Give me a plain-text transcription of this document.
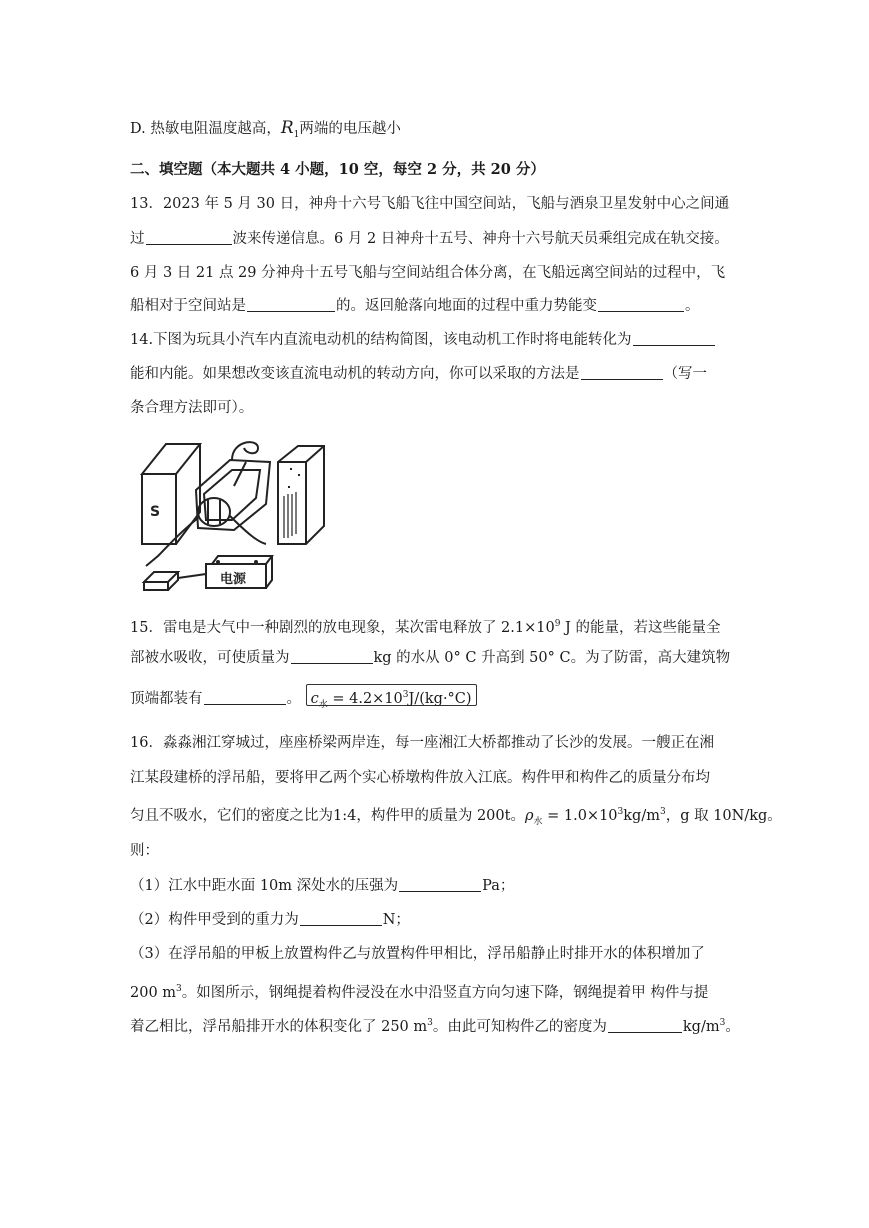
D. 热敏电阻温度越高，$R_1$两端的电压越小
二、填空题（本大题共 4 小题，10 空，每空 2 分，共 20 分）
13．2023 年 5 月 30 日，神舟十六号飞船飞往中国空间站，飞船与酒泉卫星发射中心之间通
过	波来传递信息。6 月 2 日神舟十五号、神舟十六号航天员乘组完成在轨交接。
6 月 3 日 21 点 29 分神舟十五号飞船与空间站组合体分离，在飞船远离空间站的过程中，飞
船相对于空间站是	的。返回舱落向地面的过程中重力势能变	。
14.下图为玩具小汽车内直流电动机的结构简图，该电动机工作时将电能转化为
能和内能。如果想改变该直流电动机的转动方向，你可以采取的方法是	（写一
条合理方法即可）。
S
电源
15．雷电是大气中一种剧烈的放电现象，某次雷电释放了 $2.1\times 10^9$ J 的能量，若这些能量全
部被水吸收，可使质量为	kg 的水从 0° C 升高到 50° C。为了防雷，高大建筑物
顶端都装有	。 $c_水 = 4.2\times 10^3J/(kg\cdot^\circ C)$
16．淼淼湘江穿城过，座座桥梁两岸连，每一座湘江大桥都推动了长沙的发展。一艘正在湘
江某段建桥的浮吊船，要将甲乙两个实心桥墩构件放入江底。构件甲和构件乙的质量分布均
匀且不吸水，它们的密度之比为1:4，构件甲的质量为 200t。$\rho_水 = 1.0\times 10^3kg/m^3$，g 取 10N/kg。
则：
（1）江水中距水面 10m 深处水的压强为	Pa；
（2）构件甲受到的重力为	N；
（3）在浮吊船的甲板上放置构件乙与放置构件甲相比，浮吊船静止时排开水的体积增加了
200 $m^3$。如图所示，钢绳提着构件浸没在水中沿竖直方向匀速下降，钢绳提着甲 构件与提
着乙相比，浮吊船排开水的体积变化了 250 $m^3$。由此可知构件乙的密度为	$kg/m^3$。
